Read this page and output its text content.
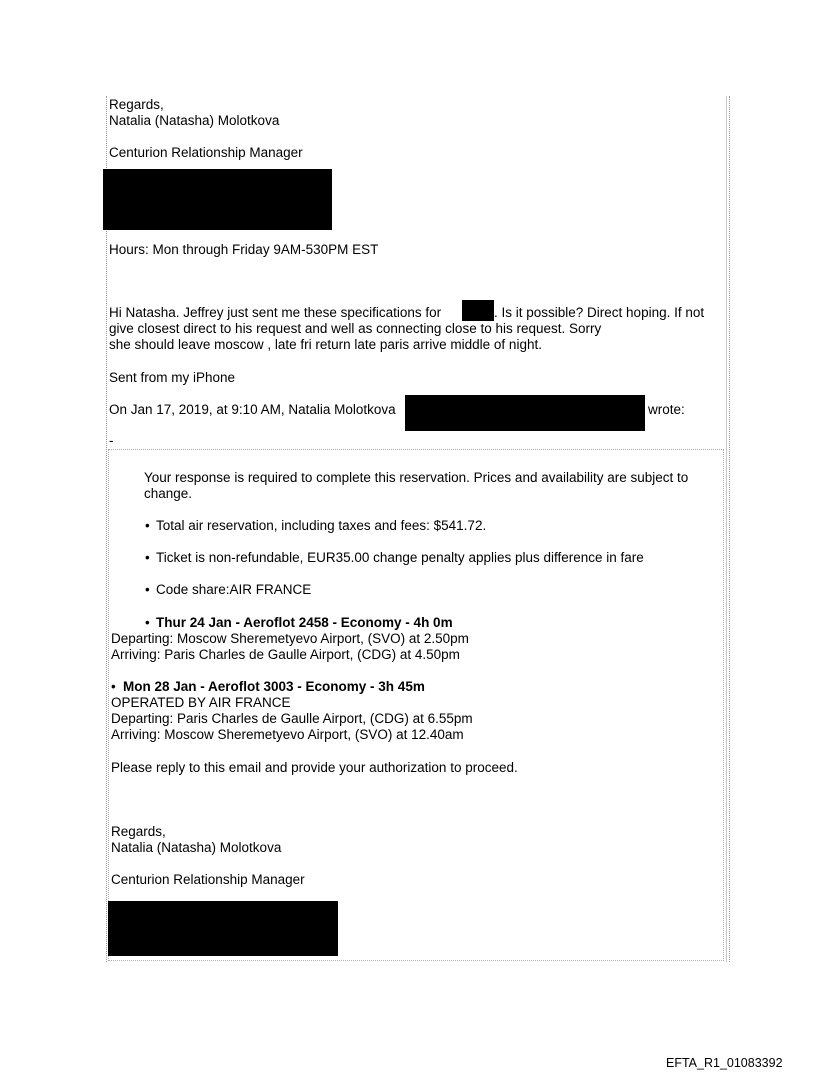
Regards,
Natalia (Natasha) Molotkova
Centurion Relationship Manager
Hours: Mon through Friday 9AM-530PM EST
Hi Natasha. Jeffrey just sent me these specifications for	. Is it possible? Direct hoping. If not
give closest direct to his request and well as connecting close to his request. Sorry
she should leave moscow , late fri return late paris arrive middle of night.
Sent from my iPhone
On Jan 17, 2019, at 9:10 AM, Natalia Molotkova	wrote:
-
Your response is required to complete this reservation. Prices and availability are subject to
change.
• Total air reservation, including taxes and fees: $541.72.
• Ticket is non-refundable, EUR35.00 change penalty applies plus difference in fare
• Code share:AIR FRANCE
• Thur 24 Jan - Aeroflot 2458 - Economy - 4h 0m
Departing: Moscow Sheremetyevo Airport, (SVO) at 2.50pm
Arriving: Paris Charles de Gaulle Airport, (CDG) at 4.50pm
• Mon 28 Jan - Aeroflot 3003 - Economy - 3h 45m
OPERATED BY AIR FRANCE
Departing: Paris Charles de Gaulle Airport, (CDG) at 6.55pm
Arriving: Moscow Sheremetyevo Airport, (SVO) at 12.40am
Please reply to this email and provide your authorization to proceed.
Regards,
Natalia (Natasha) Molotkova
Centurion Relationship Manager
EFTA_R1_01083392
